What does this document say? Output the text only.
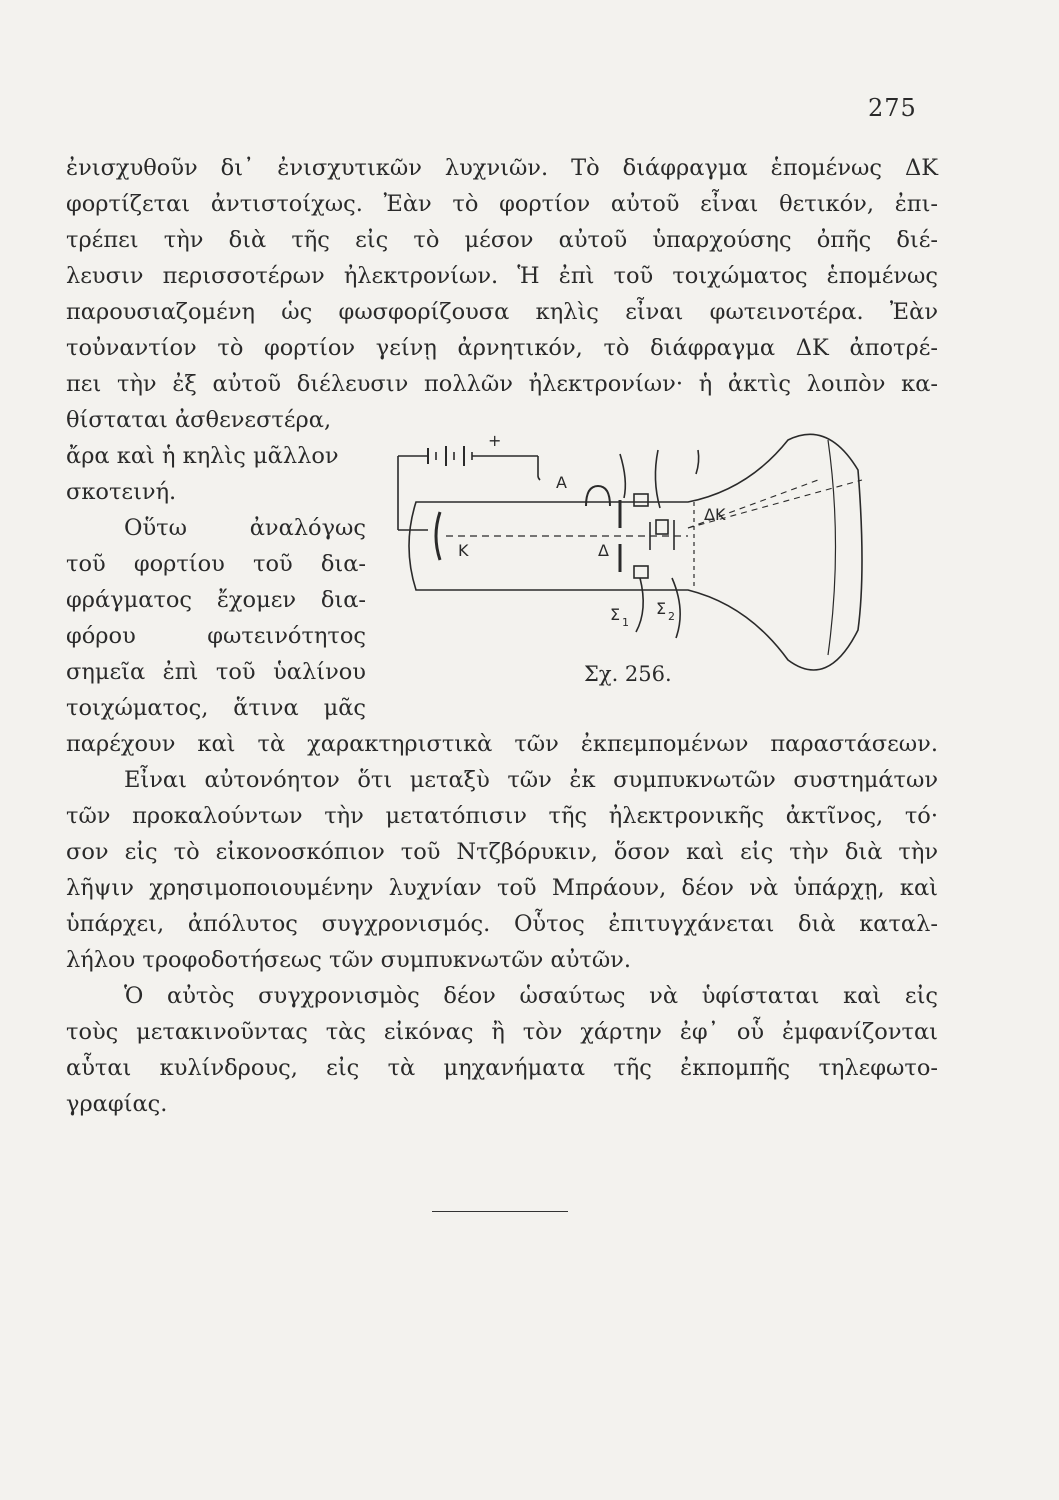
275
ἐνισχυθοῦν δι᾽ ἐνισχυτικῶν λυχνιῶν. Τὸ διάφραγμα ἑπομένως ΔΚ
φορτίζεται ἀντιστοίχως. Ἐὰν τὸ φορτίον αὐτοῦ εἶναι θετικόν, ἐπι-
τρέπει τὴν διὰ τῆς εἰς τὸ μέσον αὐτοῦ ὑπαρχούσης ὀπῆς διέ-
λευσιν περισσοτέρων ἠλεκτρονίων. Ἡ ἐπὶ τοῦ τοιχώματος ἑπομένως
παρουσιαζομένη ὡς φωσφορίζουσα κηλὶς εἶναι φωτεινοτέρα. Ἐὰν
τοὐναντίον τὸ φορτίον γείνῃ ἀρνητικόν, τὸ διάφραγμα ΔΚ ἀποτρέ-
πει τὴν ἐξ αὐτοῦ διέλευσιν πολλῶν ἠλεκτρονίων· ἡ ἀκτὶς λοιπὸν κα-
θίσταται ἀσθενεστέρα,
ἄρα καὶ ἡ κηλὶς μᾶλλον
σκοτεινή.
Οὕτω ἀναλόγως
τοῦ φορτίου τοῦ δια-
φράγματος ἔχομεν δια-
φόρου φωτεινότητος
σημεῖα ἐπὶ τοῦ ὑαλίνου
τοιχώματος, ἅτινα μᾶς
παρέχουν καὶ τὰ χαρακτηριστικὰ τῶν ἐκπεμπομένων παραστάσεων.
Εἶναι αὐτονόητον ὅτι μεταξὺ τῶν ἐκ συμπυκνωτῶν συστημάτων
τῶν προκαλούντων τὴν μετατόπισιν τῆς ἠλεκτρονικῆς ἀκτῖνος, τό·
σον εἰς τὸ εἰκονοσκόπιον τοῦ Ντζβόρυκιν, ὅσον καὶ εἰς τὴν διὰ τὴν
λῆψιν χρησιμοποιουμένην λυχνίαν τοῦ Μπράουν, δέον νὰ ὑπάρχῃ, καὶ
ὑπάρχει, ἀπόλυτος συγχρονισμός. Οὗτος ἐπιτυγχάνεται διὰ καταλ-
λήλου τροφοδοτήσεως τῶν συμπυκνωτῶν αὐτῶν.
Ὁ αὐτὸς συγχρονισμὸς δέον ὡσαύτως νὰ ὑφίσταται καὶ εἰς
τοὺς μετακινοῦντας τὰς εἰκόνας ἢ τὸν χάρτην ἐφ᾽ οὗ ἐμφανίζονται
αὗται κυλίνδρους, εἰς τὰ μηχανήματα τῆς ἐκπομπῆς τηλεφωτο-
γραφίας.
+
K
A
Δ
ΔK
Σ 1
Σ 2
Σχ. 256.
